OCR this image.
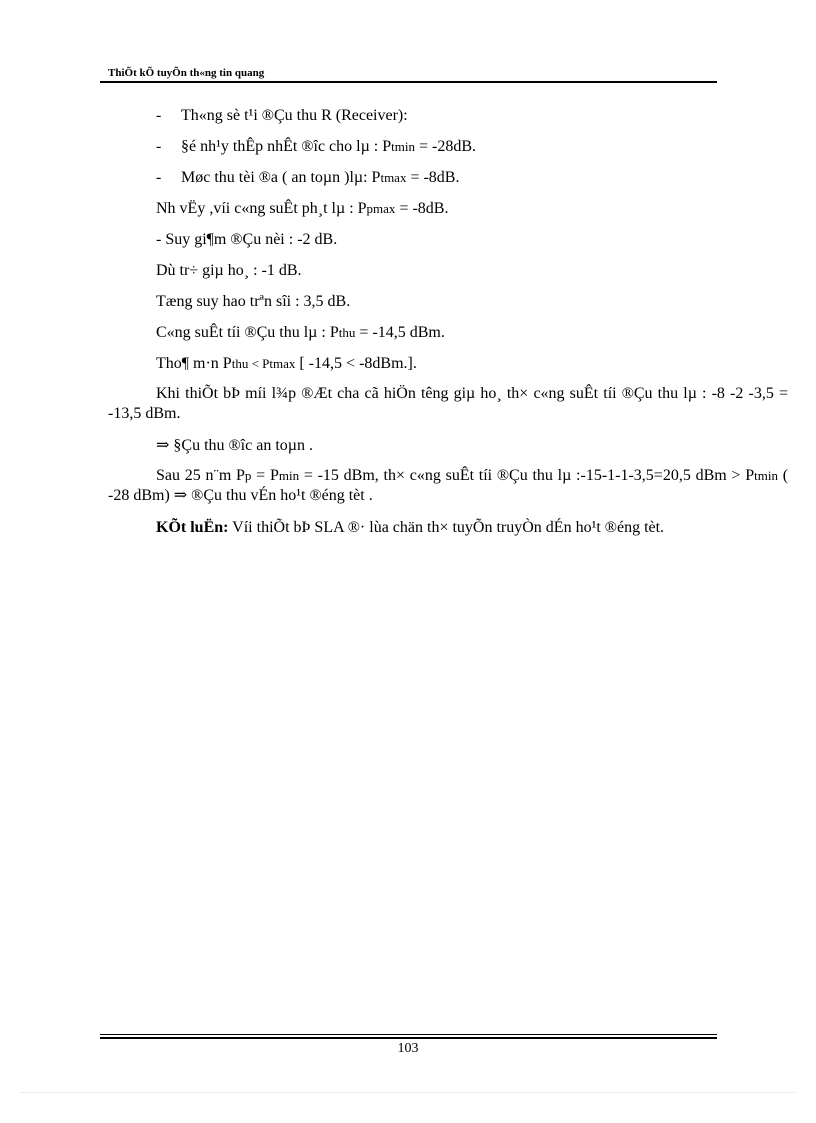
ThiÕt kÕ tuyÕn th«ng tin quang
- Th«ng sè t¹i ®Çu thu R (Receiver):
- §é nh¹y thÊp nhÊt ®îc cho lµ : Ptmin = -28dB.
- Møc thu tèi ®a ( an toµn )lµ: Ptmax = -8dB.
Nh vËy ,víi c«ng suÊt ph¸t lµ : Ppmax = -8dB.
- Suy gi¶m ®Çu nèi : -2 dB.
Dù tr÷ giµ ho¸ : -1 dB.
Tæng suy hao trªn sîi : 3,5 dB.
C«ng suÊt tíi ®Çu thu lµ : Pthu = -14,5 dBm.
Tho¶ m·n Pthu < Ptmax [ -14,5 < -8dBm.].
Khi thiÕt bÞ míi l¾p ®Æt cha cã hiÖn têng giµ ho¸ th× c«ng suÊt tíi ®Çu thu lµ : -8 -2 -3,5 = -13,5 dBm.
⇒ §Çu thu ®îc an toµn .
Sau 25 n¨m Pp = Pmin = -15 dBm, th× c«ng suÊt tíi ®Çu thu lµ :-15-1-1-3,5=20,5 dBm > Ptmin ( -28 dBm) ⇒ ®Çu thu vÉn ho¹t ®éng tèt .
KÕt luËn: Víi thiÕt bÞ SLA ®· lùa chän th× tuyÕn truyÒn dÉn ho¹t ®éng tèt.
103
